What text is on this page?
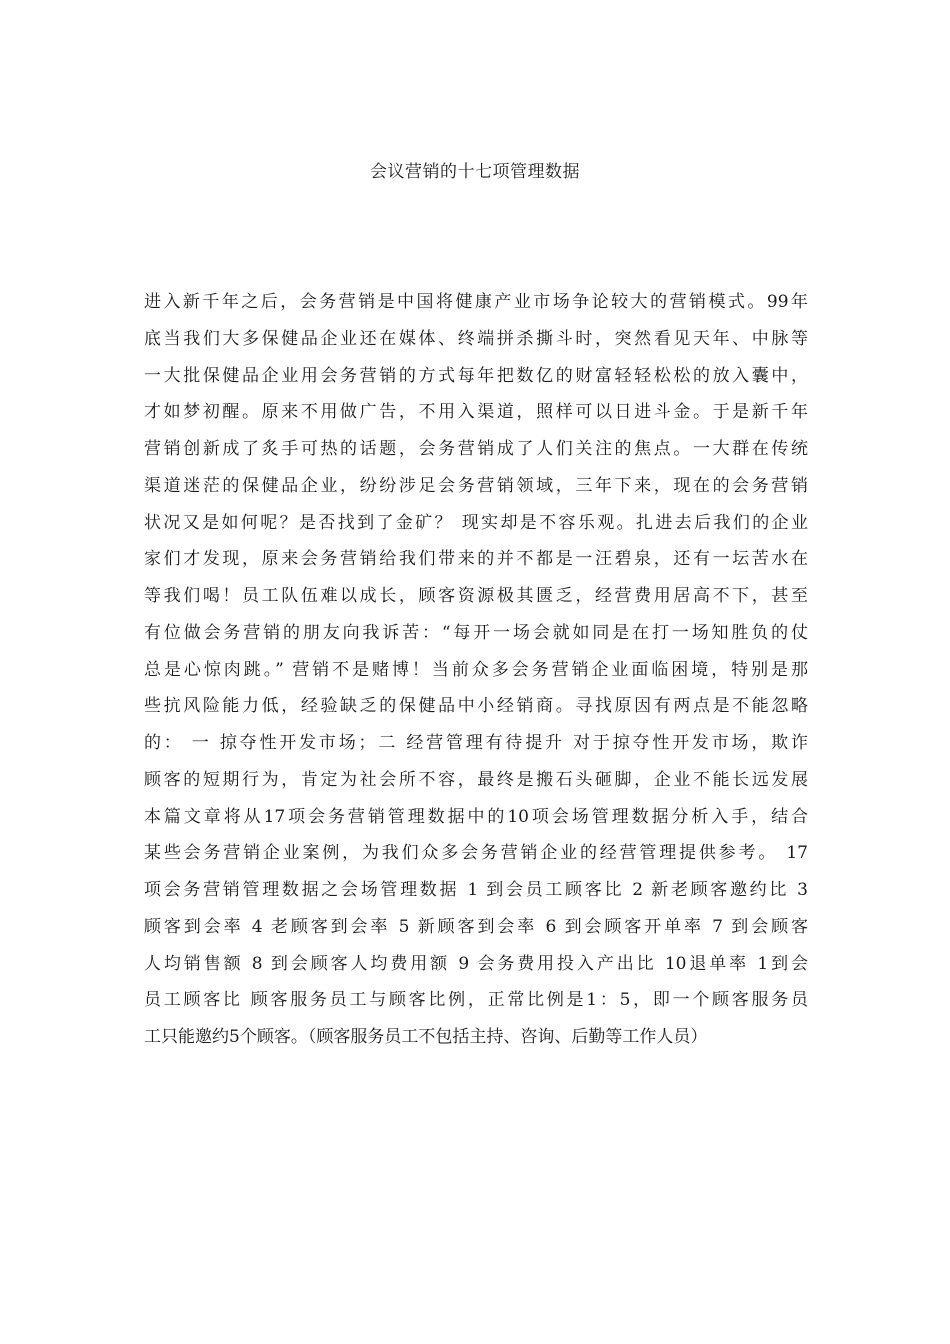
会议营销的十七项管理数据
进入新千年之后，会务营销是中国将健康产业市场争论较大的营销模式。99年
底当我们大多保健品企业还在媒体、终端拼杀撕斗时，突然看见天年、中脉等
一大批保健品企业用会务营销的方式每年把数亿的财富轻轻松松的放入囊中，
才如梦初醒。原来不用做广告，不用入渠道，照样可以日进斗金。于是新千年
营销创新成了炙手可热的话题，会务营销成了人们关注的焦点。一大群在传统
渠道迷茫的保健品企业，纷纷涉足会务营销领域，三年下来，现在的会务营销
状况又是如何呢？是否找到了金矿？ 现实却是不容乐观。扎进去后我们的企业
家们才发现，原来会务营销给我们带来的并不都是一汪碧泉，还有一坛苦水在
等我们喝！员工队伍难以成长，顾客资源极其匮乏，经营费用居高不下，甚至
有位做会务营销的朋友向我诉苦：“每开一场会就如同是在打一场知胜负的仗
总是心惊肉跳。” 营销不是赌博！当前众多会务营销企业面临困境，特别是那
些抗风险能力低，经验缺乏的保健品中小经销商。寻找原因有两点是不能忽略
的： 一 掠夺性开发市场；二 经营管理有待提升 对于掠夺性开发市场，欺诈
顾客的短期行为，肯定为社会所不容，最终是搬石头砸脚，企业不能长远发展
本篇文章将从17项会务营销管理数据中的10项会场管理数据分析入手，结合
某些会务营销企业案例，为我们众多会务营销企业的经营管理提供参考。 17
项会务营销管理数据之会场管理数据 1 到会员工顾客比 2 新老顾客邀约比 3
顾客到会率 4 老顾客到会率 5 新顾客到会率 6 到会顾客开单率 7 到会顾客
人均销售额 8 到会顾客人均费用额 9 会务费用投入产出比 10退单率 1到会
员工顾客比 顾客服务员工与顾客比例，正常比例是1：5，即一个顾客服务员
工只能邀约5个顾客。（顾客服务员工不包括主持、咨询、后勤等工作人员）
